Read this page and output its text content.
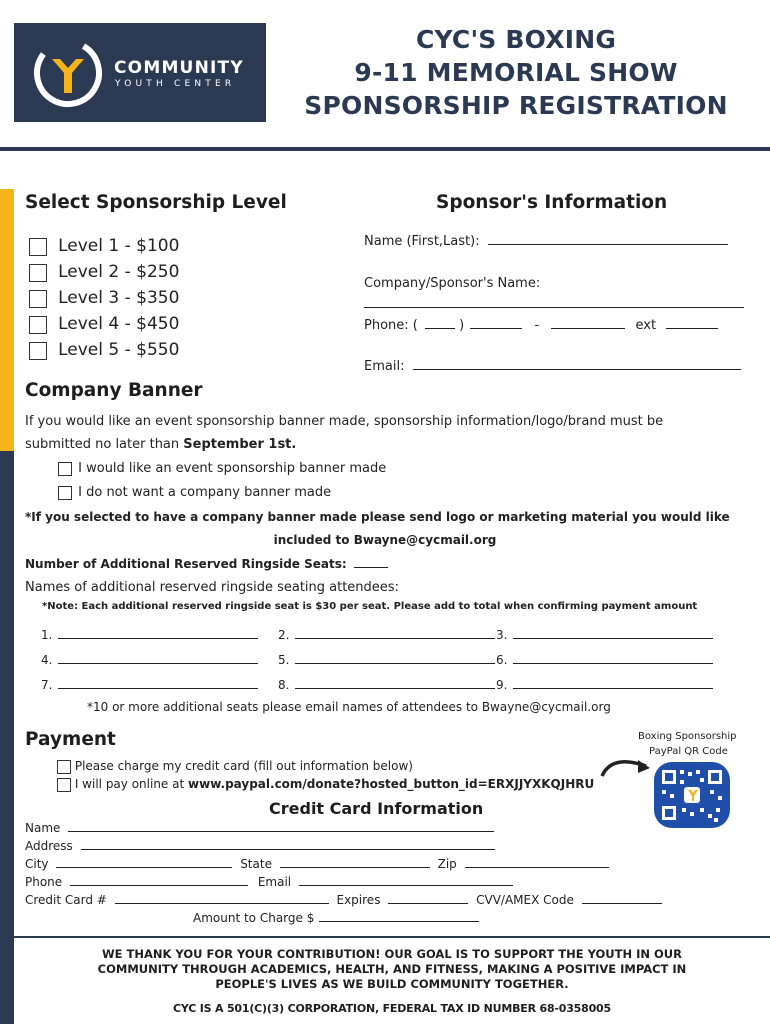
COMMUNITY
YOUTH CENTER
CYC'S BOXING
9-11 MEMORIAL SHOW
SPONSORSHIP REGISTRATION
Select Sponsorship Level
Level 1 - $100
Level 2 - $250
Level 3 - $350
Level 4 - $450
Level 5 - $550
Sponsor's Information
Name (First,Last):
Company/Sponsor's Name:
Phone: (	)	-	ext
Email:
Company Banner
If you would like an event sponsorship banner made, sponsorship information/logo/brand must be
submitted no later than September 1st.
I would like an event sponsorship banner made
I do not want a company banner made
*If you selected to have a company banner made please send logo or marketing material you would like
included to Bwayne@cycmail.org
Number of Additional Reserved Ringside Seats:
Names of additional reserved ringside seating attendees:
*Note: Each additional reserved ringside seat is $30 per seat. Please add to total when confirming payment amount
1.	2.	3.
4.	5.	6.
7.	8.	9.
*10 or more additional seats please email names of attendees to Bwayne@cycmail.org
Payment
Please charge my credit card (fill out information below)
I will pay online at www.paypal.com/donate?hosted_button_id=ERXJJYXKQJHRU
Boxing Sponsorship
PayPal QR Code
Credit Card Information
Name
Address
City	State	Zip
Phone	Email
Credit Card #	Expires	CVV/AMEX Code
Amount to Charge $
WE THANK YOU FOR YOUR CONTRIBUTION! OUR GOAL IS TO SUPPORT THE YOUTH IN OUR
COMMUNITY THROUGH ACADEMICS, HEALTH, AND FITNESS, MAKING A POSITIVE IMPACT IN
PEOPLE'S LIVES AS WE BUILD COMMUNITY TOGETHER.
CYC IS A 501(C)(3) CORPORATION, FEDERAL TAX ID NUMBER 68-0358005
